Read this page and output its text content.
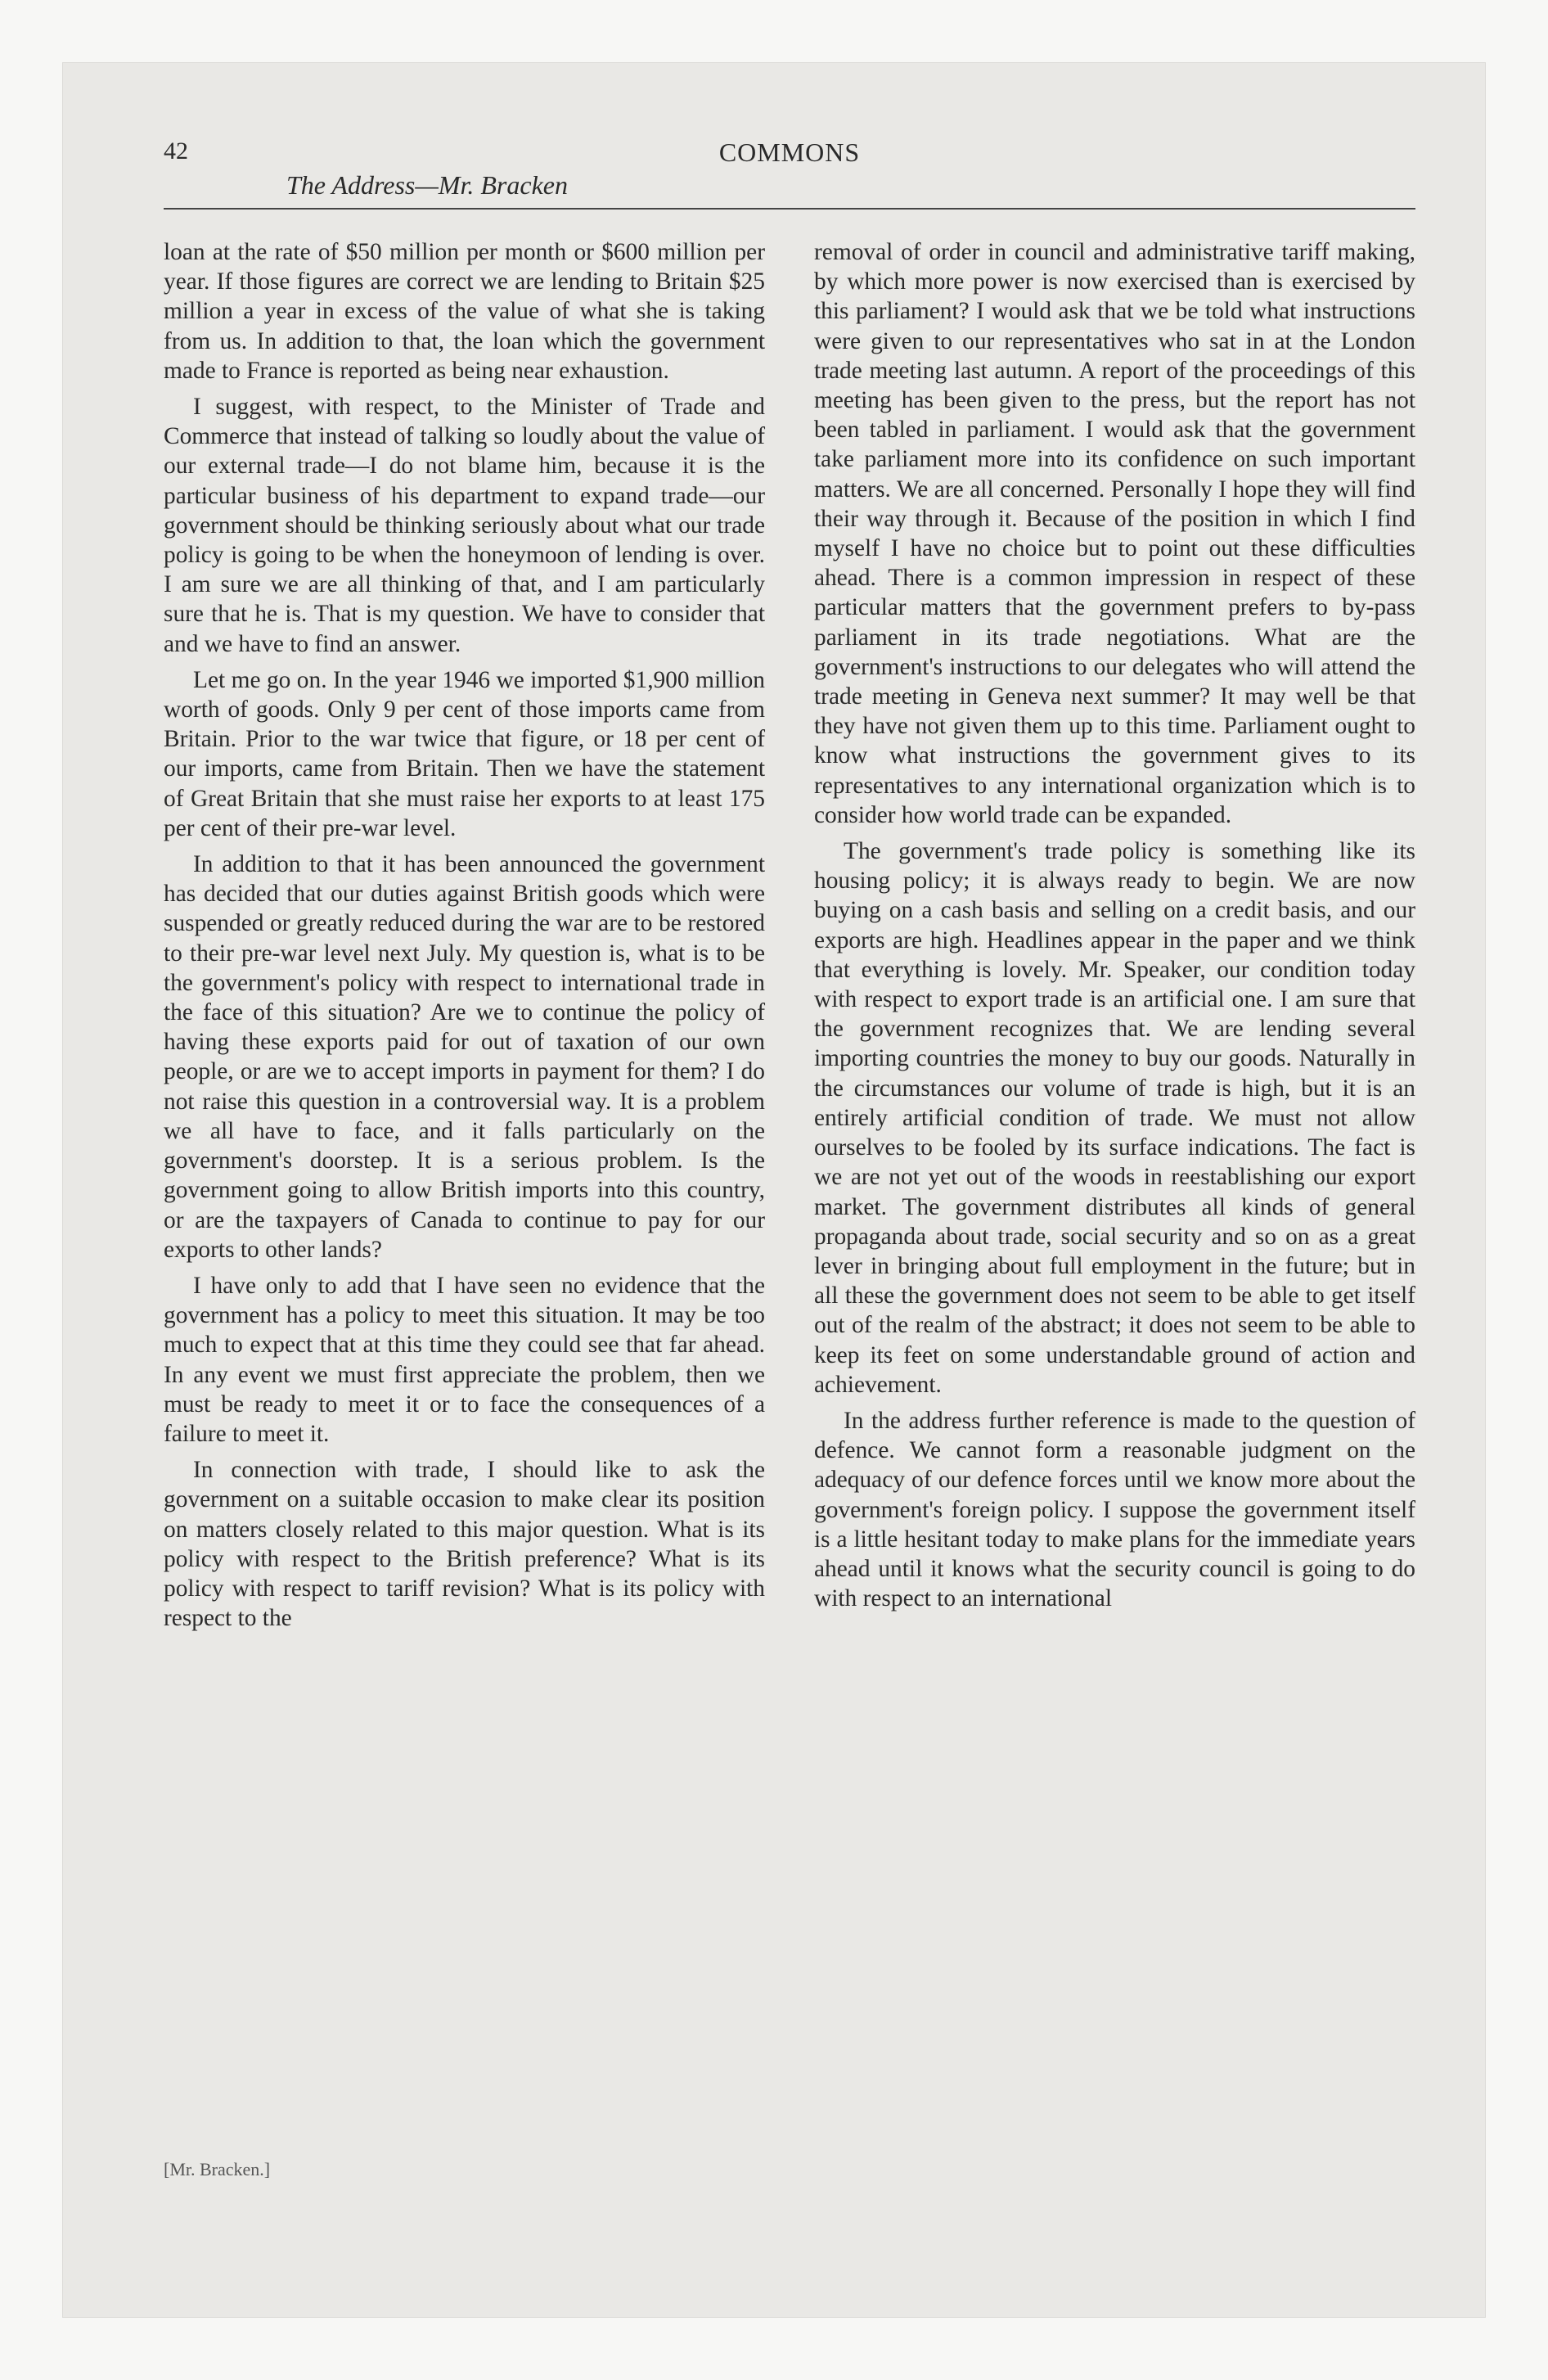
42	COMMONS
The Address—Mr. Bracken

loan at the rate of $50 million per month or $600 million per year. If those figures are correct we are lending to Britain $25 million a year in excess of the value of what she is taking from us. In addition to that, the loan which the government made to France is reported as being near exhaustion.

I suggest, with respect, to the Minister of Trade and Commerce that instead of talking so loudly about the value of our external trade—I do not blame him, because it is the particular business of his department to expand trade—our government should be thinking seriously about what our trade policy is going to be when the honeymoon of lending is over. I am sure we are all thinking of that, and I am particularly sure that he is. That is my question. We have to consider that and we have to find an answer.

Let me go on. In the year 1946 we imported $1,900 million worth of goods. Only 9 per cent of those imports came from Britain. Prior to the war twice that figure, or 18 per cent of our imports, came from Britain. Then we have the statement of Great Britain that she must raise her exports to at least 175 per cent of their pre-war level.

In addition to that it has been announced the government has decided that our duties against British goods which were suspended or greatly reduced during the war are to be restored to their pre-war level next July. My question is, what is to be the government's policy with respect to international trade in the face of this situation? Are we to continue the policy of having these exports paid for out of taxation of our own people, or are we to accept imports in payment for them? I do not raise this question in a controversial way. It is a problem we all have to face, and it falls particularly on the government's doorstep. It is a serious problem. Is the government going to allow British imports into this country, or are the taxpayers of Canada to continue to pay for our exports to other lands?

I have only to add that I have seen no evidence that the government has a policy to meet this situation. It may be too much to expect that at this time they could see that far ahead. In any event we must first appreciate the problem, then we must be ready to meet it or to face the consequences of a failure to meet it.

In connection with trade, I should like to ask the government on a suitable occasion to make clear its position on matters closely related to this major question. What is its policy with respect to the British preference? What is its policy with respect to tariff revision? What is its policy with respect to the

removal of order in council and administrative tariff making, by which more power is now exercised than is exercised by this parliament? I would ask that we be told what instructions were given to our representatives who sat in at the London trade meeting last autumn. A report of the proceedings of this meeting has been given to the press, but the report has not been tabled in parliament. I would ask that the government take parliament more into its confidence on such important matters. We are all concerned. Personally I hope they will find their way through it. Because of the position in which I find myself I have no choice but to point out these difficulties ahead. There is a common impression in respect of these particular matters that the government prefers to by-pass parliament in its trade negotiations. What are the government's instructions to our delegates who will attend the trade meeting in Geneva next summer? It may well be that they have not given them up to this time. Parliament ought to know what instructions the government gives to its representatives to any international organization which is to consider how world trade can be expanded.

The government's trade policy is something like its housing policy; it is always ready to begin. We are now buying on a cash basis and selling on a credit basis, and our exports are high. Headlines appear in the paper and we think that everything is lovely. Mr. Speaker, our condition today with respect to export trade is an artificial one. I am sure that the government recognizes that. We are lending several importing countries the money to buy our goods. Naturally in the circumstances our volume of trade is high, but it is an entirely artificial condition of trade. We must not allow ourselves to be fooled by its surface indications. The fact is we are not yet out of the woods in reestablishing our export market. The government distributes all kinds of general propaganda about trade, social security and so on as a great lever in bringing about full employment in the future; but in all these the government does not seem to be able to get itself out of the realm of the abstract; it does not seem to be able to keep its feet on some understandable ground of action and achievement.

In the address further reference is made to the question of defence. We cannot form a reasonable judgment on the adequacy of our defence forces until we know more about the government's foreign policy. I suppose the government itself is a little hesitant today to make plans for the immediate years ahead until it knows what the security council is going to do with respect to an international

[Mr. Bracken.]
